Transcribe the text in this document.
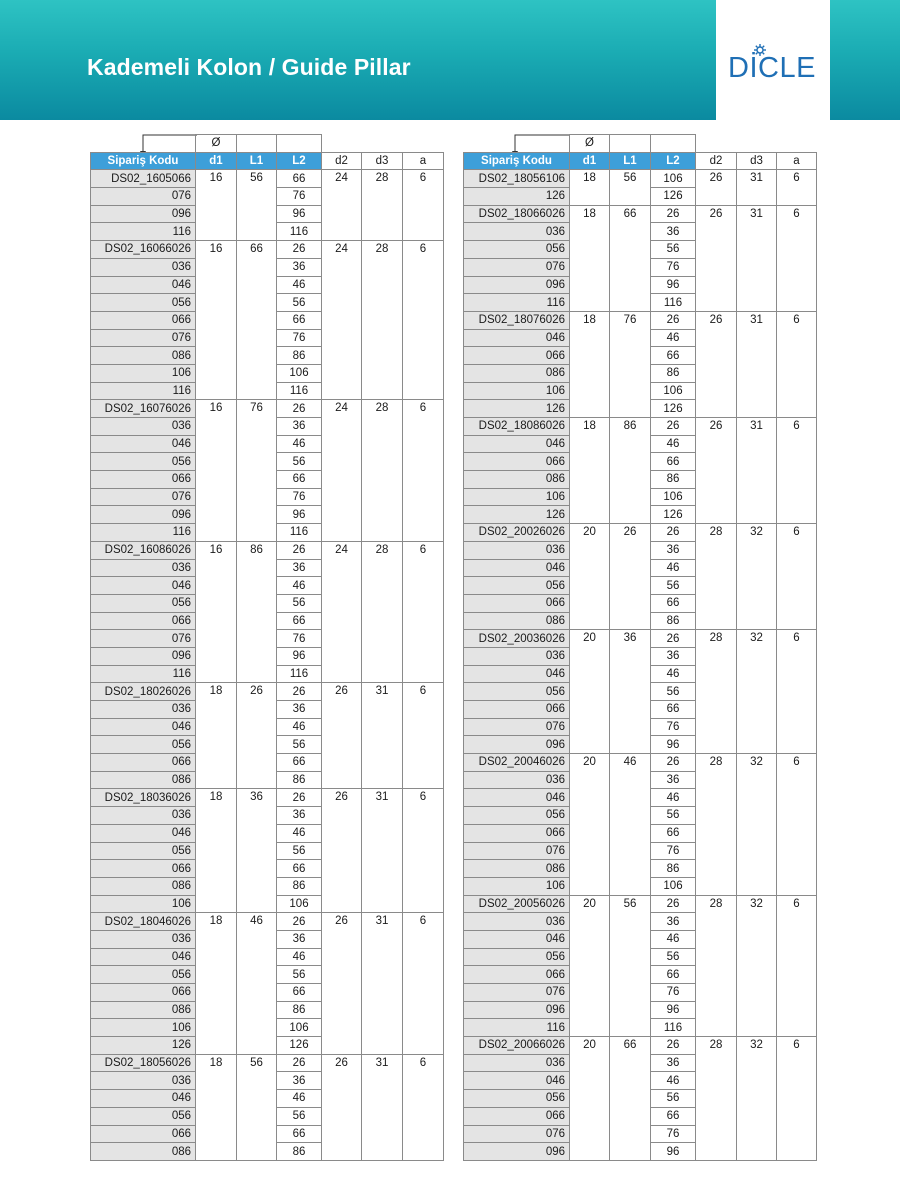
Kademeli Kolon / Guide Pillar	DİCLE
	Ø					
Sipariş Kodu	d1	L1	L2	d2	d3	a
DS02_1605066	16	56	66	24	28	6
076			76			
096			96			
116			116			
DS02_16066026	16	66	26	24	28	6
036			36			
046			46			
056			56			
066			66			
076			76			
086			86			
106			106			
116			116			
DS02_16076026	16	76	26	24	28	6
036			36			
046			46			
056			56			
066			66			
076			76			
096			96			
116			116			
DS02_16086026	16	86	26	24	28	6
036			36			
046			46			
056			56			
066			66			
076			76			
096			96			
116			116			
DS02_18026026	18	26	26	26	31	6
036			36			
046			46			
056			56			
066			66			
086			86			
DS02_18036026	18	36	26	26	31	6
036			36			
046			46			
056			56			
066			66			
086			86			
106			106			
DS02_18046026	18	46	26	26	31	6
036			36			
046			46			
056			56			
066			66			
086			86			
106			106			
126			126			
DS02_18056026	18	56	26	26	31	6
036			36			
046			46			
056			56			
066			66			
086			86			
	Ø					
Sipariş Kodu	d1	L1	L2	d2	d3	a
DS02_18056106	18	56	106	26	31	6
126			126			
DS02_18066026	18	66	26	26	31	6
036			36			
056			56			
076			76			
096			96			
116			116			
DS02_18076026	18	76	26	26	31	6
046			46			
066			66			
086			86			
106			106			
126			126			
DS02_18086026	18	86	26	26	31	6
046			46			
066			66			
086			86			
106			106			
126			126			
DS02_20026026	20	26	26	28	32	6
036			36			
046			46			
056			56			
066			66			
086			86			
DS02_20036026	20	36	26	28	32	6
036			36			
046			46			
056			56			
066			66			
076			76			
096			96			
DS02_20046026	20	46	26	28	32	6
036			36			
046			46			
056			56			
066			66			
076			76			
086			86			
106			106			
DS02_20056026	20	56	26	28	32	6
036			36			
046			46			
056			56			
066			66			
076			76			
096			96			
116			116			
DS02_20066026	20	66	26	28	32	6
036			36			
046			46			
056			56			
066			66			
076			76			
096			96			
